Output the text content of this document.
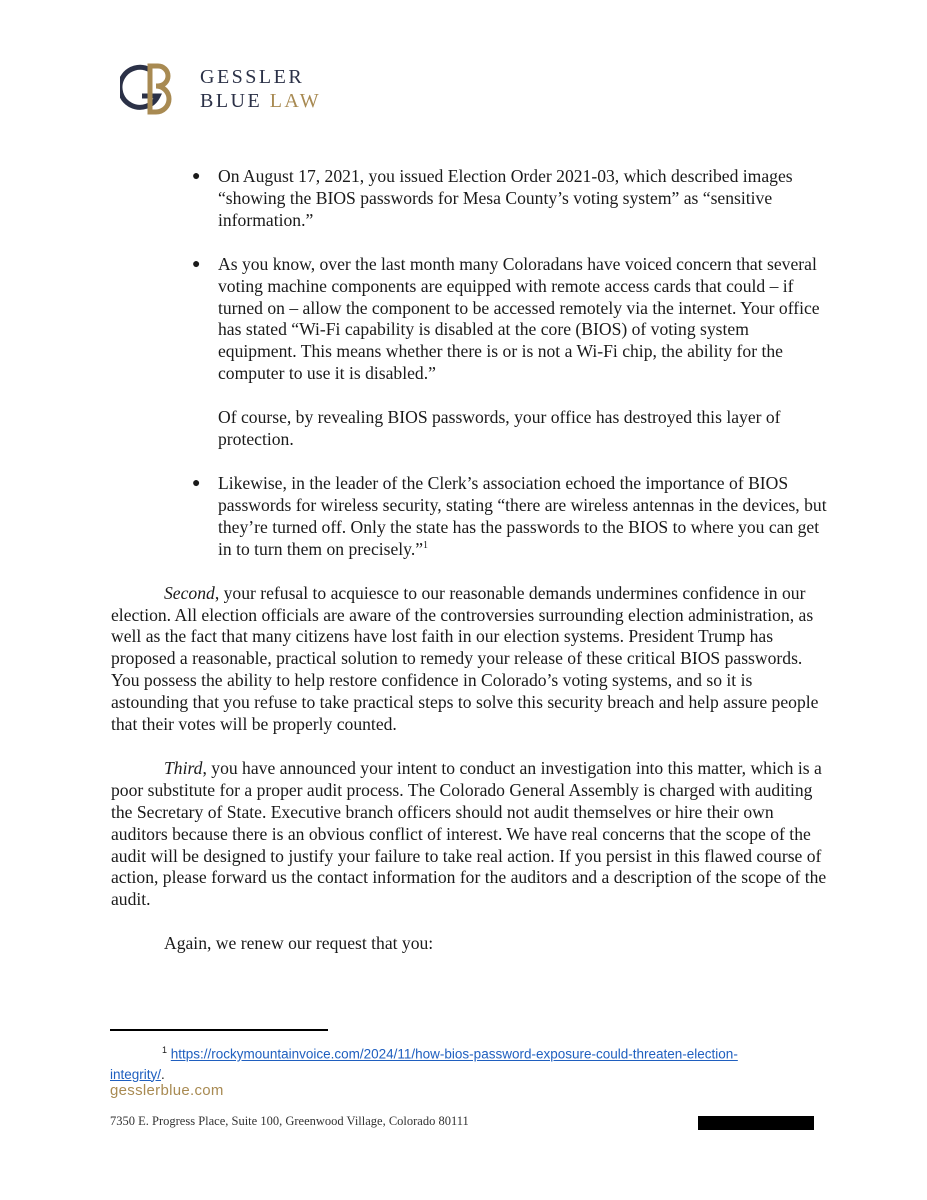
GESSLER
BLUE LAW
● On August 17, 2021, you issued Election Order 2021-03, which described images “showing the BIOS passwords for Mesa County’s voting system” as “sensitive information.”
● As you know, over the last month many Coloradans have voiced concern that several voting machine components are equipped with remote access cards that could – if turned on – allow the component to be accessed remotely via the internet. Your office has stated “Wi-Fi capability is disabled at the core (BIOS) of voting system equipment. This means whether there is or is not a Wi-Fi chip, the ability for the computer to use it is disabled.”
Of course, by revealing BIOS passwords, your office has destroyed this layer of protection.
● Likewise, in the leader of the Clerk’s association echoed the importance of BIOS passwords for wireless security, stating “there are wireless antennas in the devices, but they’re turned off. Only the state has the passwords to the BIOS to where you can get in to turn them on precisely.”$^1$

Second, your refusal to acquiesce to our reasonable demands undermines confidence in our election. All election officials are aware of the controversies surrounding election administration, as well as the fact that many citizens have lost faith in our election systems. President Trump has proposed a reasonable, practical solution to remedy your release of these critical BIOS passwords. You possess the ability to help restore confidence in Colorado’s voting systems, and so it is astounding that you refuse to take practical steps to solve this security breach and help assure people that their votes will be properly counted.

Third, you have announced your intent to conduct an investigation into this matter, which is a poor substitute for a proper audit process. The Colorado General Assembly is charged with auditing the Secretary of State. Executive branch officers should not audit themselves or hire their own auditors because there is an obvious conflict of interest. We have real concerns that the scope of the audit will be designed to justify your failure to take real action. If you persist in this flawed course of action, please forward us the contact information for the auditors and a description of the scope of the audit.

Again, we renew our request that you:

$^1$ https://rockymountainvoice.com/2024/11/how-bios-password-exposure-could-threaten-election-integrity/.
gesslerblue.com
7350 E. Progress Place, Suite 100, Greenwood Village, Colorado 80111
